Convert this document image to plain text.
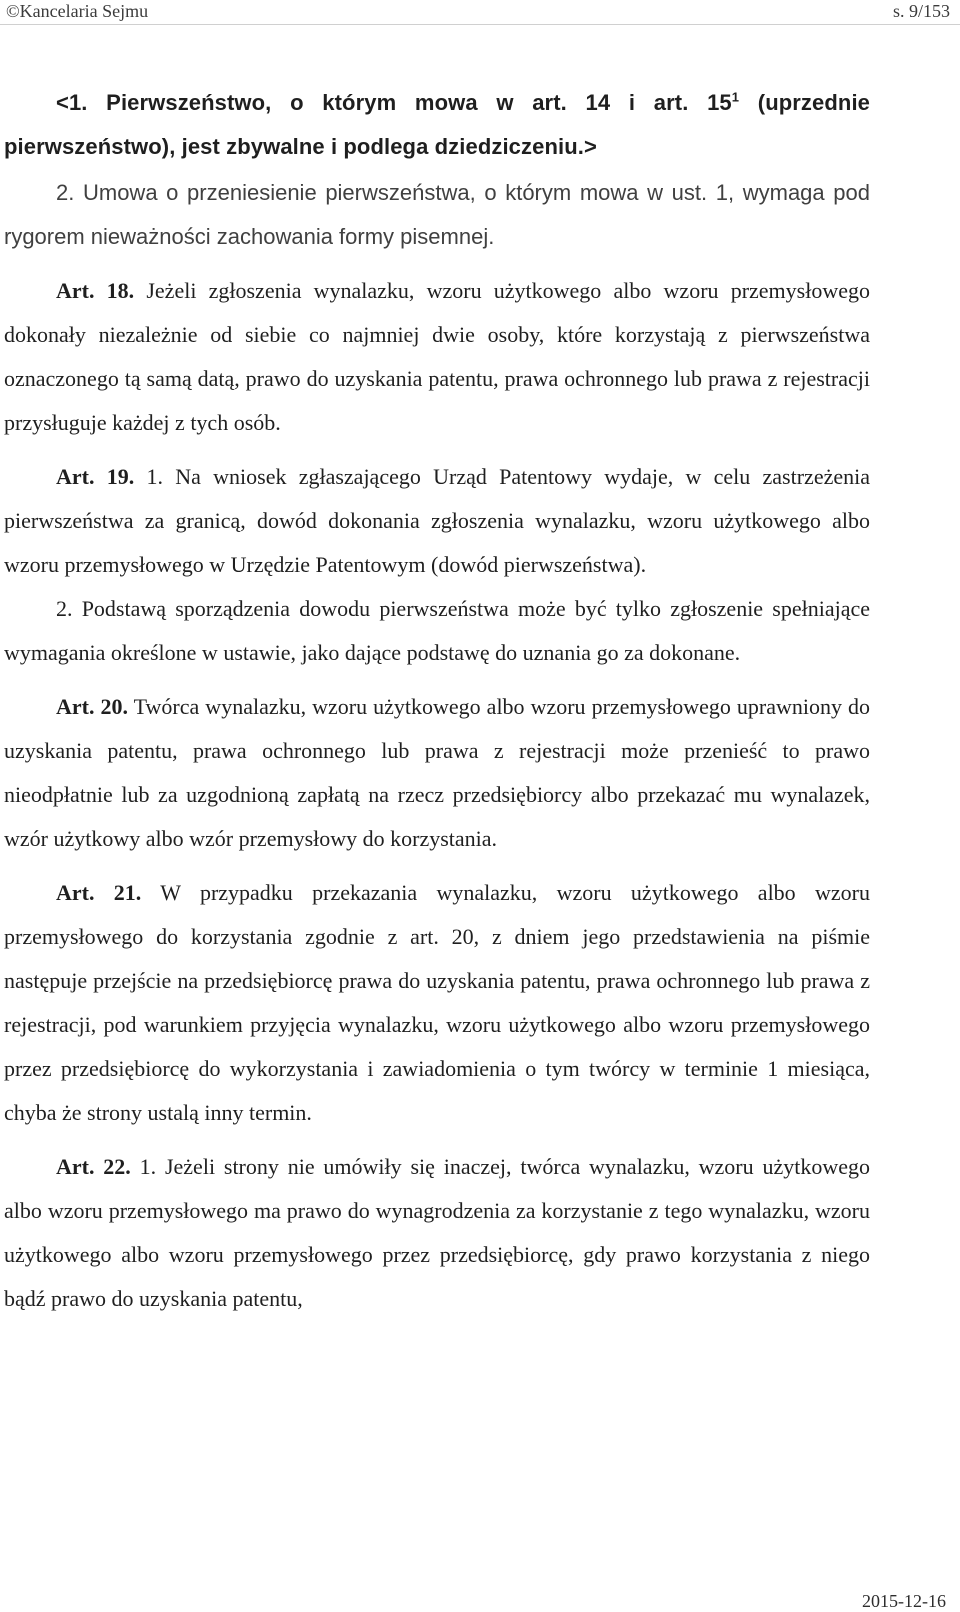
©Kancelaria Sejmu	s. 9/153
<1. Pierwszeństwo, o którym mowa w art. 14 i art. $15^1$ (uprzednie pierwszeństwo), jest zbywalne i podlega dziedziczeniu.>
2. Umowa o przeniesienie pierwszeństwa, o którym mowa w ust. 1, wymaga pod rygorem nieważności zachowania formy pisemnej.
Art. 18. Jeżeli zgłoszenia wynalazku, wzoru użytkowego albo wzoru przemysłowego dokonały niezależnie od siebie co najmniej dwie osoby, które korzystają z pierwszeństwa oznaczonego tą samą datą, prawo do uzyskania patentu, prawa ochronnego lub prawa z rejestracji przysługuje każdej z tych osób.
Art. 19. 1. Na wniosek zgłaszającego Urząd Patentowy wydaje, w celu zastrzeżenia pierwszeństwa za granicą, dowód dokonania zgłoszenia wynalazku, wzoru użytkowego albo wzoru przemysłowego w Urzędzie Patentowym (dowód pierwszeństwa).
2. Podstawą sporządzenia dowodu pierwszeństwa może być tylko zgłoszenie spełniające wymagania określone w ustawie, jako dające podstawę do uznania go za dokonane.
Art. 20. Twórca wynalazku, wzoru użytkowego albo wzoru przemysłowego uprawniony do uzyskania patentu, prawa ochronnego lub prawa z rejestracji może przenieść to prawo nieodpłatnie lub za uzgodnioną zapłatą na rzecz przedsiębiorcy albo przekazać mu wynalazek, wzór użytkowy albo wzór przemysłowy do korzystania.
Art. 21. W przypadku przekazania wynalazku, wzoru użytkowego albo wzoru przemysłowego do korzystania zgodnie z art. 20, z dniem jego przedstawienia na piśmie następuje przejście na przedsiębiorcę prawa do uzyskania patentu, prawa ochronnego lub prawa z rejestracji, pod warunkiem przyjęcia wynalazku, wzoru użytkowego albo wzoru przemysłowego przez przedsiębiorcę do wykorzystania i zawiadomienia o tym twórcy w terminie 1 miesiąca, chyba że strony ustalą inny termin.
Art. 22. 1. Jeżeli strony nie umówiły się inaczej, twórca wynalazku, wzoru użytkowego albo wzoru przemysłowego ma prawo do wynagrodzenia za korzystanie z tego wynalazku, wzoru użytkowego albo wzoru przemysłowego przez przedsiębiorcę, gdy prawo korzystania z niego bądź prawo do uzyskania patentu,
2015-12-16
